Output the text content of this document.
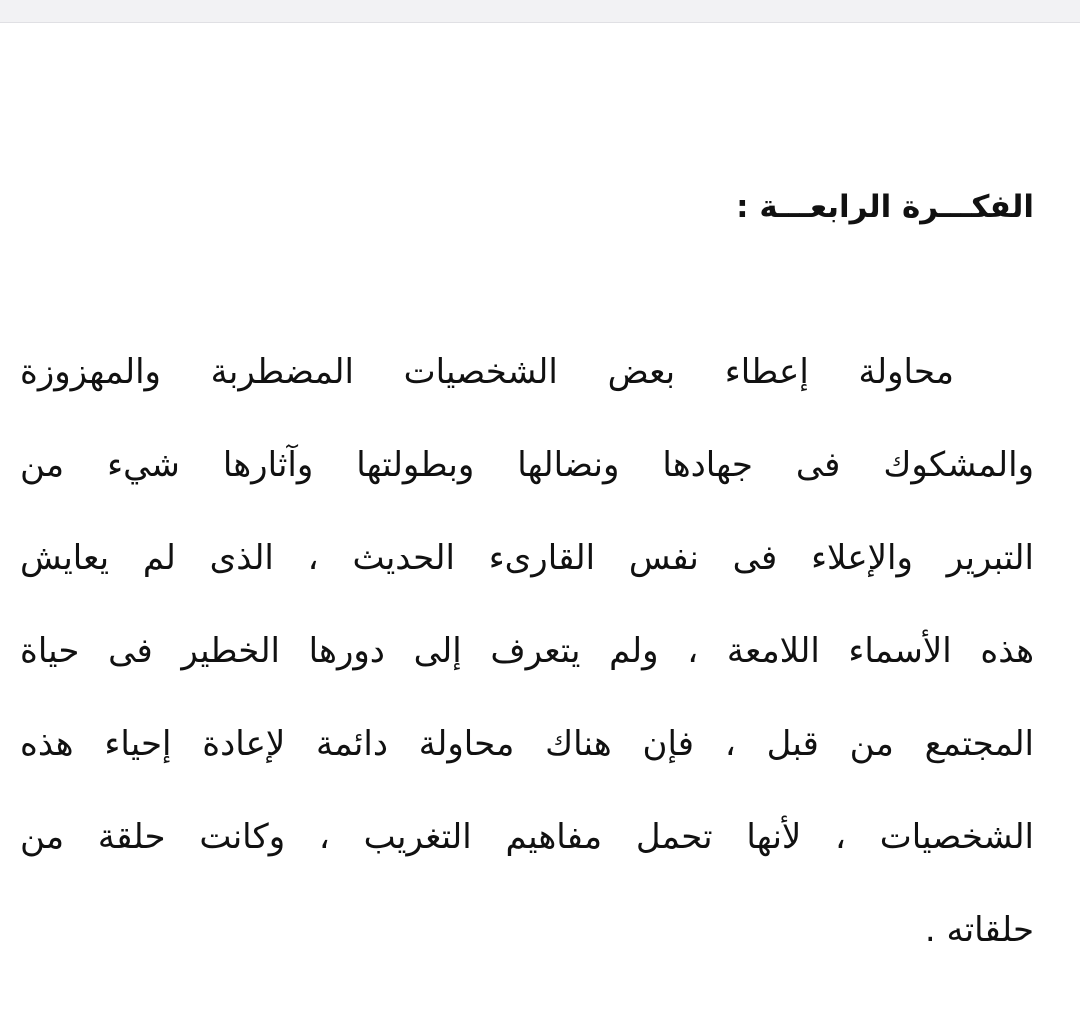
الفكـــرة الرابعـــة :
محاولة إعطاء بعض الشخصيات المضطربة والمهزوزة
والمشكوك فى جهادها ونضالها وبطولتها وآثارها شيء من
التبرير والإعلاء فى نفس القارىء الحديث ، الذى لم يعايش
هذه الأسماء اللامعة ، ولم يتعرف إلى دورها الخطير فى حياة
المجتمع من قبل ، فإن هناك محاولة دائمة لإعادة إحياء هذه
الشخصيات ، لأنها تحمل مفاهيم التغريب ، وكانت حلقة من
حلقاته .
